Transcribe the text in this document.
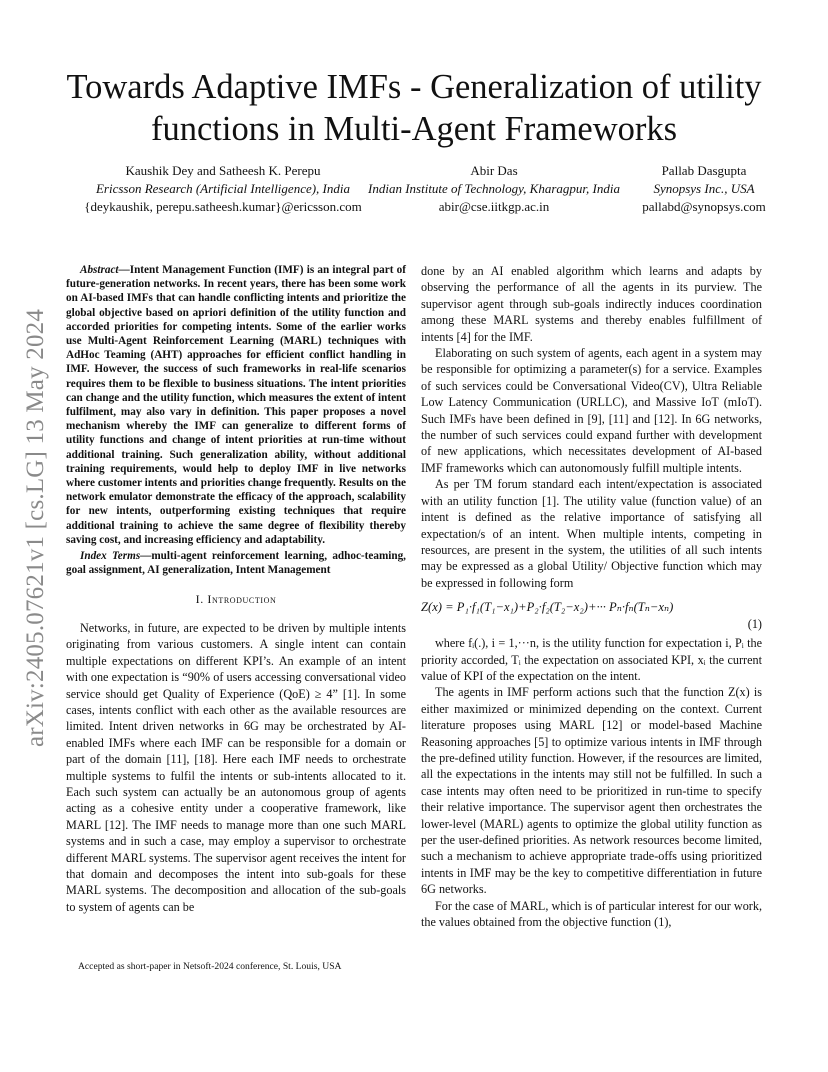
arXiv:2405.07621v1 [cs.LG] 13 May 2024
Towards Adaptive IMFs - Generalization of utility functions in Multi-Agent Frameworks
Kaushik Dey and Satheesh K. Perepu
Ericsson Research (Artificial Intelligence), India
{deykaushik, perepu.satheesh.kumar}@ericsson.com
Abir Das
Indian Institute of Technology, Kharagpur, India
abir@cse.iitkgp.ac.in
Pallab Dasgupta
Synopsys Inc., USA
pallabd@synopsys.com

Abstract—Intent Management Function (IMF) is an integral part of future-generation networks. In recent years, there has been some work on AI-based IMFs that can handle conflicting intents and prioritize the global objective based on apriori definition of the utility function and accorded priorities for competing intents. Some of the earlier works use Multi-Agent Reinforcement Learning (MARL) techniques with AdHoc Teaming (AHT) approaches for efficient conflict handling in IMF. However, the success of such frameworks in real-life scenarios requires them to be flexible to business situations. The intent priorities can change and the utility function, which measures the extent of intent fulfilment, may also vary in definition. This paper proposes a novel mechanism whereby the IMF can generalize to different forms of utility functions and change of intent priorities at run-time without additional training. Such generalization ability, without additional training requirements, would help to deploy IMF in live networks where customer intents and priorities change frequently. Results on the network emulator demonstrate the efficacy of the approach, scalability for new intents, outperforming existing techniques that require additional training to achieve the same degree of flexibility thereby saving cost, and increasing efficiency and adaptability.

Index Terms—multi-agent reinforcement learning, adhoc-teaming, goal assignment, AI generalization, Intent Management

I. Introduction

Networks, in future, are expected to be driven by multiple intents originating from various customers. A single intent can contain multiple expectations on different KPI’s. An example of an intent with one expectation is “90% of users accessing conversational video service should get Quality of Experience (QoE) ≥ 4” [1]. In some cases, intents conflict with each other as the available resources are limited. Intent driven networks in 6G may be orchestrated by AI-enabled IMFs where each IMF can be responsible for a domain or part of the domain [11], [18]. Here each IMF needs to orchestrate multiple systems to fulfil the intents or sub-intents allocated to it. Each such system can actually be an autonomous group of agents acting as a cohesive entity under a cooperative framework, like MARL [12]. The IMF needs to manage more than one such MARL systems and in such a case, may employ a supervisor to orchestrate different MARL systems. The supervisor agent receives the intent for that domain and decomposes the intent into sub-goals for these MARL systems. The decomposition and allocation of the sub-goals to system of agents can be

Accepted as short-paper in Netsoft-2024 conference, St. Louis, USA

done by an AI enabled algorithm which learns and adapts by observing the performance of all the agents in its purview. The supervisor agent through sub-goals indirectly induces coordination among these MARL systems and thereby enables fulfillment of intents [4] for the IMF.

Elaborating on such system of agents, each agent in a system may be responsible for optimizing a parameter(s) for a service. Examples of such services could be Conversational Video(CV), Ultra Reliable Low Latency Communication (URLLC), and Massive IoT (mIoT). Such IMFs have been defined in [9], [11] and [12]. In 6G networks, the number of such services could expand further with development of new applications, which necessitates development of AI-based IMF frameworks which can autonomously fulfill multiple intents.

As per TM forum standard each intent/expectation is associated with an utility function [1]. The utility value (function value) of an intent is defined as the relative importance of satisfying all expectation/s of an intent. When multiple intents, competing in resources, are present in the system, the utilities of all such intents may be expressed as a global Utility/ Objective function which may be expressed in following form

Z(x) = P₁·f₁(T₁−x₁)+P₂·f₂(T₂−x₂)+··· Pₙ·fₙ(Tₙ−xₙ)
(1)

where fᵢ(.), i = 1,···n, is the utility function for expectation i, Pᵢ the priority accorded, Tᵢ the expectation on associated KPI, xᵢ the current value of KPI of the expectation on the intent.

The agents in IMF perform actions such that the function Z(x) is either maximized or minimized depending on the context. Current literature proposes using MARL [12] or model-based Machine Reasoning approaches [5] to optimize various intents in IMF through the pre-defined utility function. However, if the resources are limited, all the expectations in the intents may still not be fulfilled. In such a case intents may often need to be prioritized in run-time to specify their relative importance. The supervisor agent then orchestrates the lower-level (MARL) agents to optimize the global utility function as per the user-defined priorities. As network resources become limited, such a mechanism to achieve appropriate trade-offs using prioritized intents in IMF may be the key to competitive differentiation in future 6G networks.

For the case of MARL, which is of particular interest for our work, the values obtained from the objective function (1),
